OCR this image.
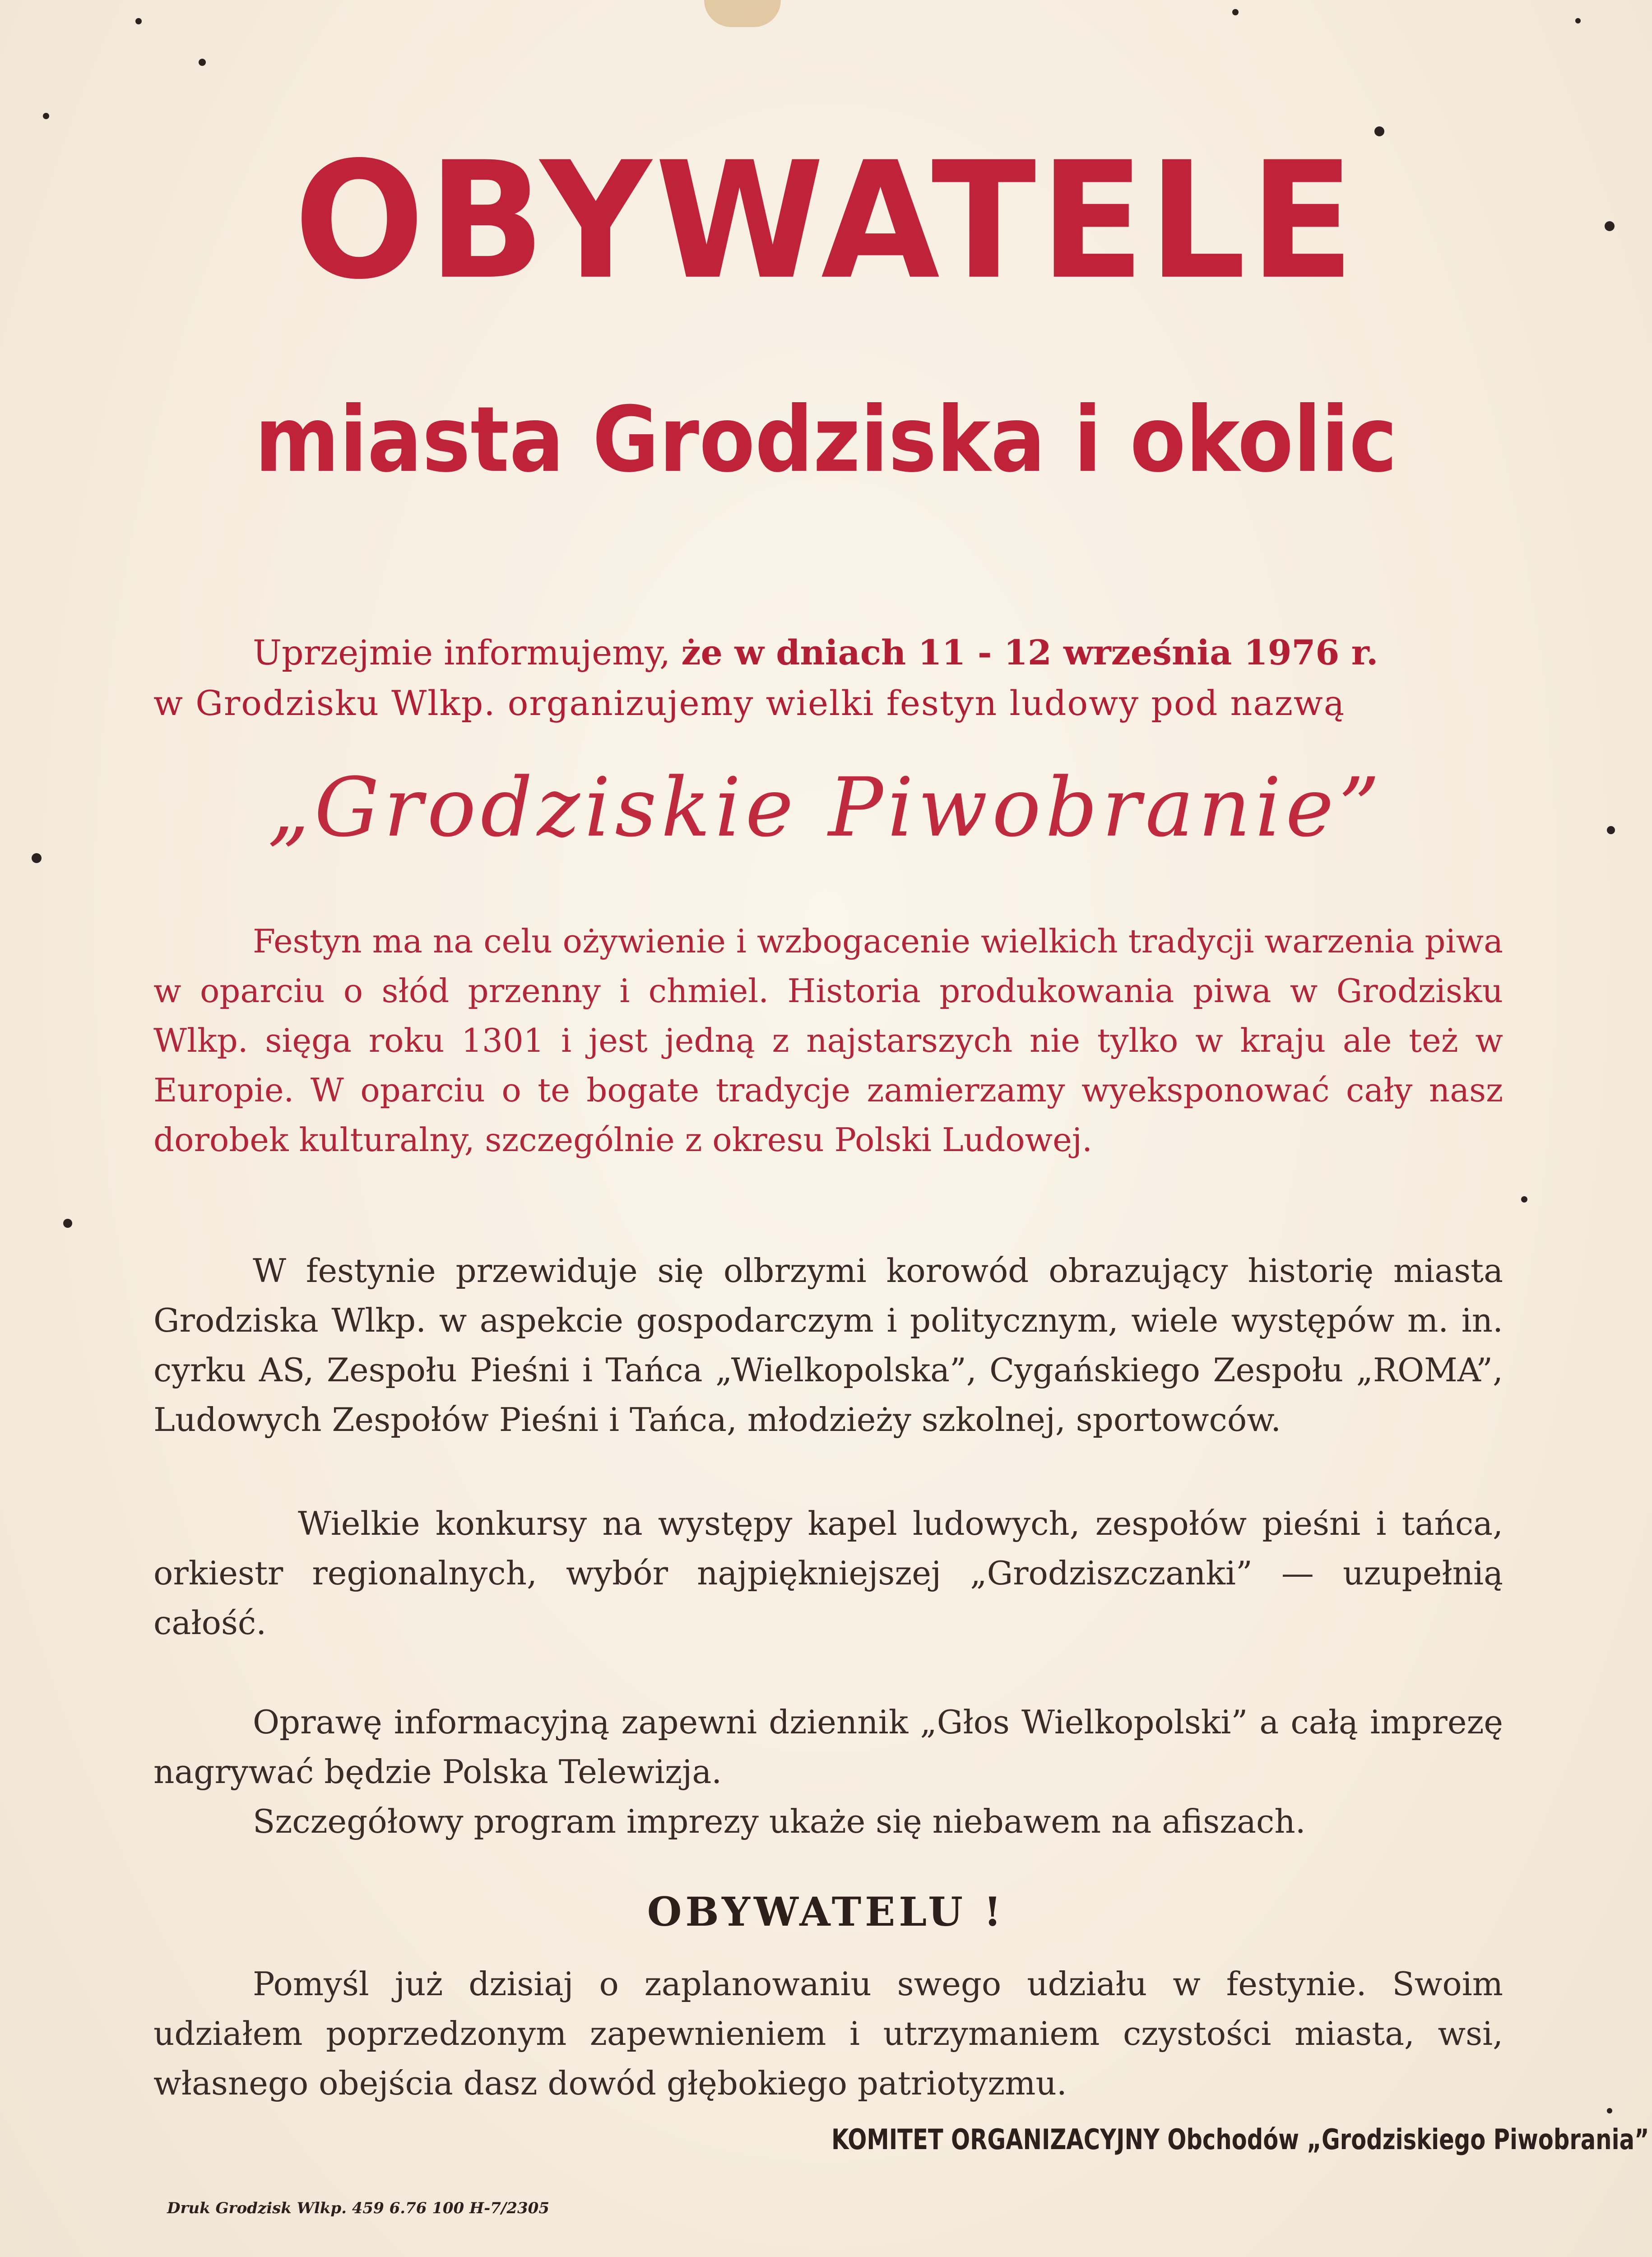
OBYWATELE
miasta Grodziska i okolic
Uprzejmie informujemy, że w dniach 11 - 12 września 1976 r.
w Grodzisku Wlkp. organizujemy wielki festyn ludowy pod nazwą
„Grodziskie Piwobranie”

Festyn ma na celu ożywienie i wzbogacenie wielkich tradycji warzenia piwa w oparciu o słód przenny i chmiel. Historia produkowania piwa w Grodzisku Wlkp. sięga roku 1301 i jest jedną z najstarszych nie tylko w kraju ale też w Europie. W oparciu o te bogate tradycje zamierzamy wyeksponować cały nasz dorobek kulturalny, szczególnie z okresu Polski Ludowej.

W festynie przewiduje się olbrzymi korowód obrazujący historię miasta Grodziska Wlkp. w aspekcie gospodarczym i politycznym, wiele występów m. in. cyrku AS, Zespołu Pieśni i Tańca „Wielkopolska”, Cygańskiego Zespołu „ROMA”, Ludowych Zespołów Pieśni i Tańca, młodzieży szkolnej, sportowców.

Wielkie konkursy na występy kapel ludowych, zespołów pieśni i tańca, orkiestr regionalnych, wybór najpiękniejszej „Grodziszczanki” — uzupełnią całość.

Oprawę informacyjną zapewni dziennik „Głos Wielkopolski” a całą imprezę nagrywać będzie Polska Telewizja.

Szczegółowy program imprezy ukaże się niebawem na afiszach.

OBYWATELU !

Pomyśl już dzisiaj o zaplanowaniu swego udziału w festynie. Swoim udziałem poprzedzonym zapewnieniem i utrzymaniem czystości miasta, wsi, własnego obejścia dasz dowód głębokiego patriotyzmu.

KOMITET ORGANIZACYJNY Obchodów „Grodziskiego Piwobrania”
Druk Grodzisk Wlkp. 459 6.76 100 H-7/2305
